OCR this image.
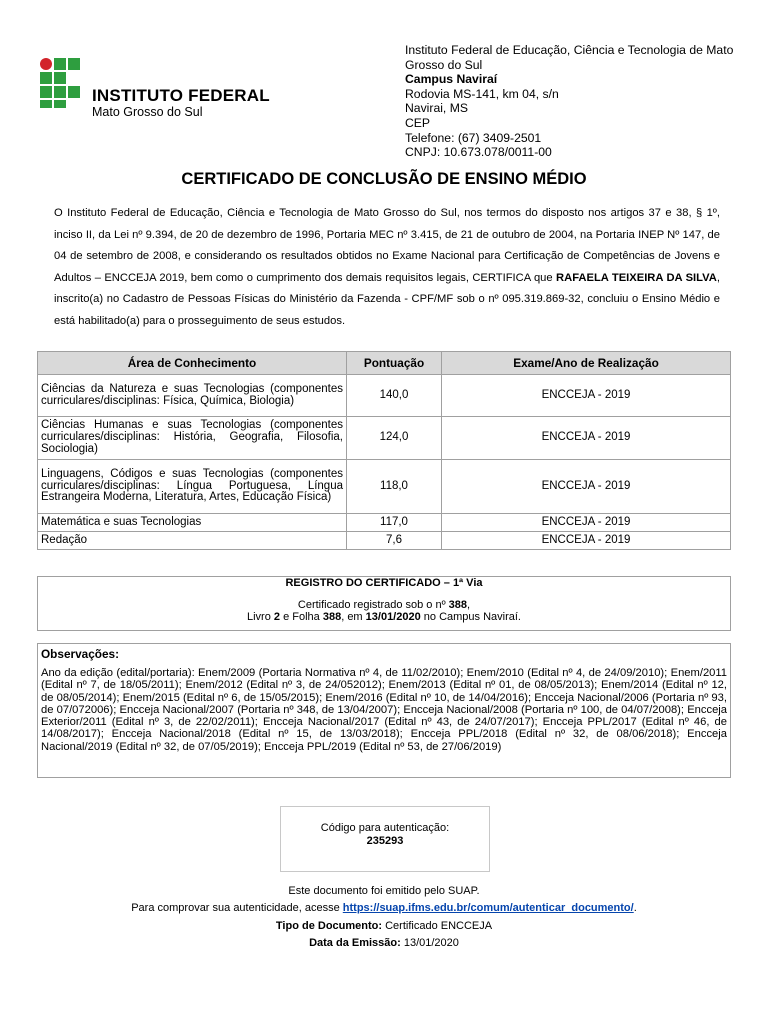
INSTITUTO FEDERAL
Mato Grosso do Sul
Instituto Federal de Educação, Ciência e Tecnologia de Mato Grosso do Sul
Campus Naviraí
Rodovia MS-141, km 04, s/n
Navirai, MS
CEP
Telefone: (67) 3409-2501
CNPJ: 10.673.078/0011-00
CERTIFICADO DE CONCLUSÃO DE ENSINO MÉDIO
O Instituto Federal de Educação, Ciência e Tecnologia de Mato Grosso do Sul, nos termos do disposto nos artigos 37 e 38, § 1º, inciso II, da Lei nº 9.394, de 20 de dezembro de 1996, Portaria MEC nº 3.415, de 21 de outubro de 2004, na Portaria INEP Nº 147, de 04 de setembro de 2008, e considerando os resultados obtidos no Exame Nacional para Certificação de Competências de Jovens e Adultos – ENCCEJA 2019, bem como o cumprimento dos demais requisitos legais, CERTIFICA que RAFAELA TEIXEIRA DA SILVA, inscrito(a) no Cadastro de Pessoas Físicas do Ministério da Fazenda - CPF/MF sob o nº 095.319.869-32, concluiu o Ensino Médio e está habilitado(a) para o prosseguimento de seus estudos.
Área de Conhecimento	Pontuação	Exame/Ano de Realização
Ciências da Natureza e suas Tecnologias (componentes curriculares/disciplinas: Física, Química, Biologia)	140,0	ENCCEJA - 2019
Ciências Humanas e suas Tecnologias (componentes curriculares/disciplinas: História, Geografia, Filosofia, Sociologia)	124,0	ENCCEJA - 2019
Linguagens, Códigos e suas Tecnologias (componentes curriculares/disciplinas: Língua Portuguesa, Língua Estrangeira Moderna, Literatura, Artes, Educação Física)	118,0	ENCCEJA - 2019
Matemática e suas Tecnologias	117,0	ENCCEJA - 2019
Redação	7,6	ENCCEJA - 2019
REGISTRO DO CERTIFICADO – 1ª Via
Certificado registrado sob o nº 388,
Livro 2 e Folha 388, em 13/01/2020 no Campus Naviraí.
Observações:
Ano da edição (edital/portaria): Enem/2009 (Portaria Normativa nº 4, de 11/02/2010); Enem/2010 (Edital nº 4, de 24/09/2010); Enem/2011 (Edital nº 7, de 18/05/2011); Enem/2012 (Edital nº 3, de 24/052012); Enem/2013 (Edital nº 01, de 08/05/2013); Enem/2014 (Edital nº 12, de 08/05/2014); Enem/2015 (Edital nº 6, de 15/05/2015); Enem/2016 (Edital nº 10, de 14/04/2016); Encceja Nacional/2006 (Portaria nº 93, de 07/072006); Encceja Nacional/2007 (Portaria nº 348, de 13/04/2007); Encceja Nacional/2008 (Portaria nº 100, de 04/07/2008); Encceja Exterior/2011 (Edital nº 3, de 22/02/2011); Encceja Nacional/2017 (Edital nº 43, de 24/07/2017); Encceja PPL/2017 (Edital nº 46, de 14/08/2017); Encceja Nacional/2018 (Edital nº 15, de 13/03/2018); Encceja PPL/2018 (Edital nº 32, de 08/06/2018); Encceja Nacional/2019 (Edital nº 32, de 07/05/2019); Encceja PPL/2019 (Edital nº 53, de 27/06/2019)
Código para autenticação:
235293
Este documento foi emitido pelo SUAP.
Para comprovar sua autenticidade, acesse https://suap.ifms.edu.br/comum/autenticar_documento/.
Tipo de Documento: Certificado ENCCEJA
Data da Emissão: 13/01/2020
